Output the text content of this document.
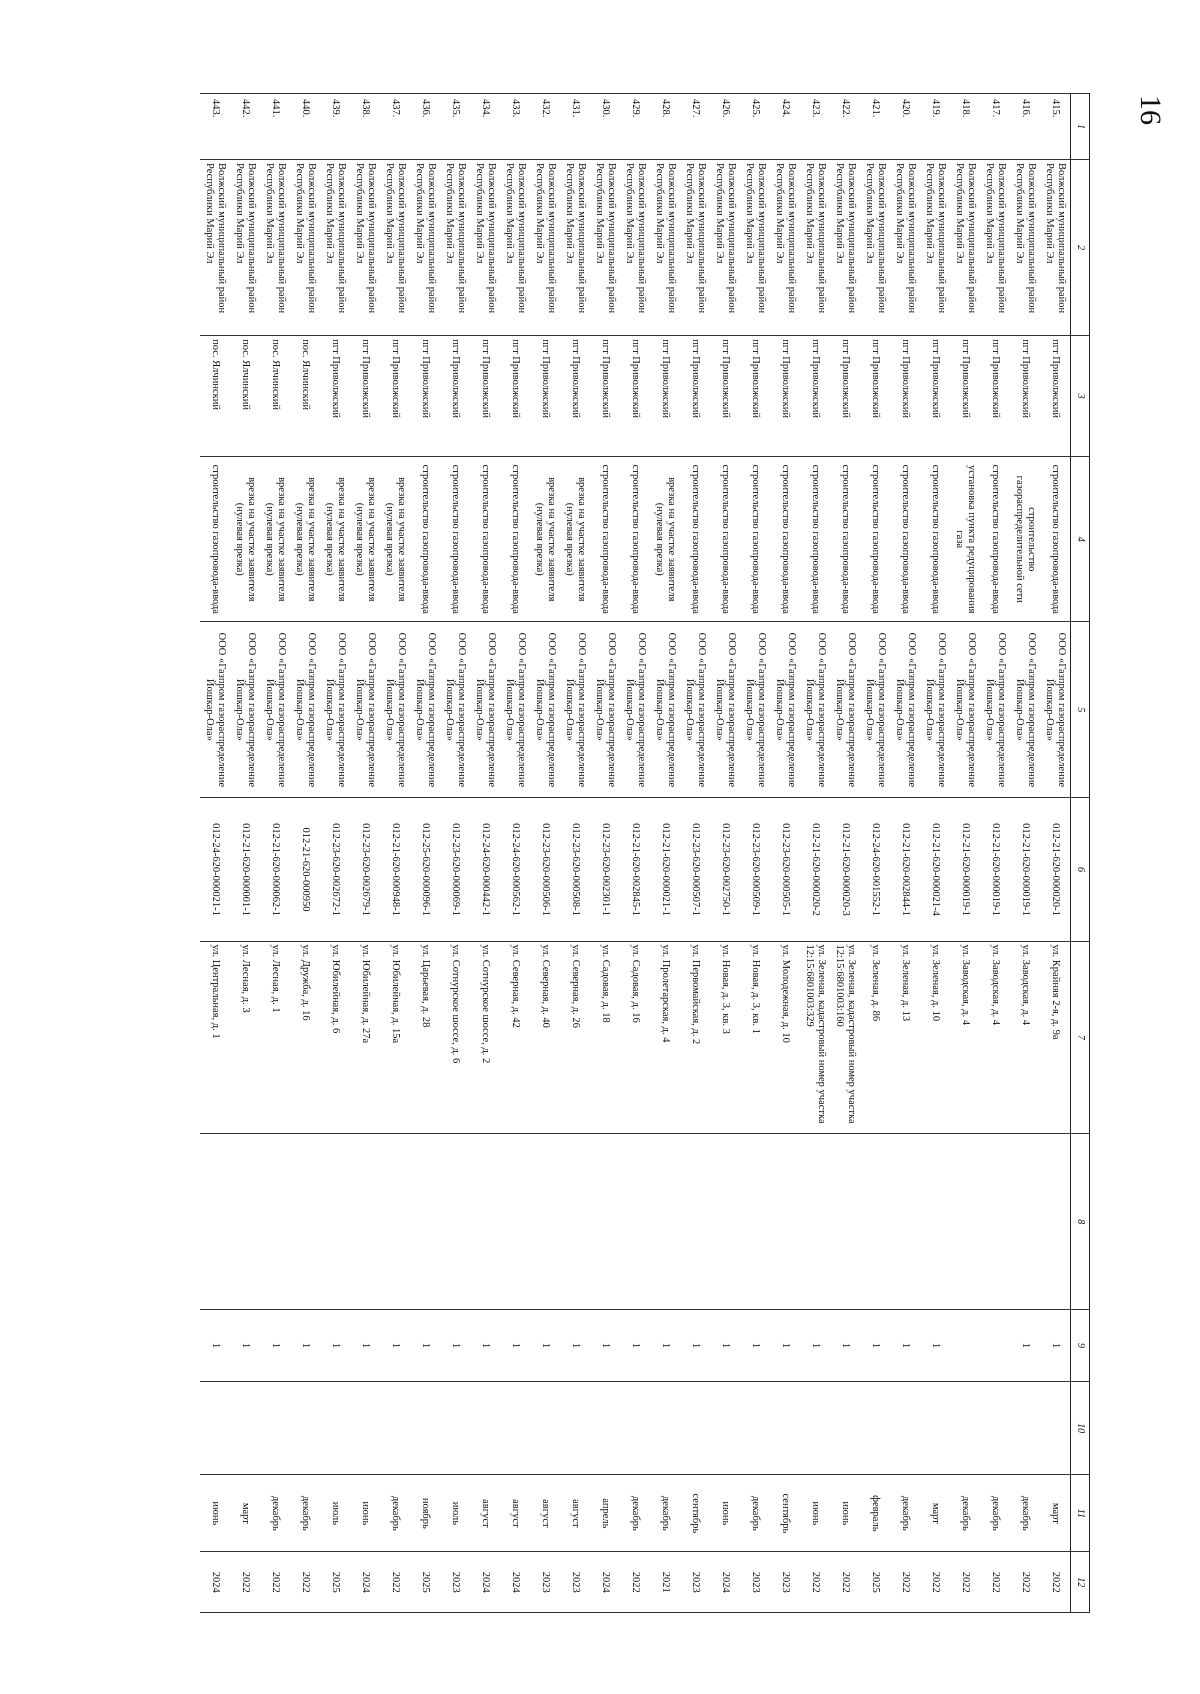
16
1	2	3	4	5	6	7	8	9	10	11	12
415.	Волжский муниципальный район Республики Марий Эл	пгт Приволжский	строительство газопровода-ввода	ООО «Газпром газораспределение Йошкар-Ола»	012-21-620-000020-1	ул. Крайняя 2-я, д. 9а		1		март	2022
416.	Волжский муниципальный район Республики Марий Эл	пгт Приволжский	строительство газораспределительной сети	ООО «Газпром газораспределение Йошкар-Ола»	012-21-620-000019-1	ул. Заводская, д. 4		1		декабрь	2022
417.	Волжский муниципальный район Республики Марий Эл	пгт Приволжский	строительство газопровода-ввода	ООО «Газпром газораспределение Йошкар-Ола»	012-21-620-000019-1	ул. Заводская, д. 4				декабрь	2022
418.	Волжский муниципальный район Республики Марий Эл	пгт Приволжский	установка пункта редуцирования газа	ООО «Газпром газораспределение Йошкар-Ола»	012-21-620-000019-1	ул. Заводская, д. 4				декабрь	2022
419.	Волжский муниципальный район Республики Марий Эл	пгт Приволжский	строительство газопровода-ввода	ООО «Газпром газораспределение Йошкар-Ола»	012-21-620-000021-4	ул. Зеленая, д. 10		1		март	2022
420.	Волжский муниципальный район Республики Марий Эл	пгт Приволжский	строительство газопровода-ввода	ООО «Газпром газораспределение Йошкар-Ола»	012-21-620-002844-1	ул. Зеленая, д. 13		1		декабрь	2022
421.	Волжский муниципальный район Республики Марий Эл	пгт Приволжский	строительство газопровода-ввода	ООО «Газпром газораспределение Йошкар-Ола»	012-24-620-001552-1	ул. Зеленая, д. 86		1		февраль	2025
422.	Волжский муниципальный район Республики Марий Эл	пгт Приволжский	строительство газопровода-ввода	ООО «Газпром газораспределение Йошкар-Ола»	012-21-620-000020-3	ул. Зеленая, кадастровый номер участка 12:15:6801003:160		1		июнь	2022
423.	Волжский муниципальный район Республики Марий Эл	пгт Приволжский	строительство газопровода-ввода	ООО «Газпром газораспределение Йошкар-Ола»	012-21-620-000020-2	ул. Зеленая, кадастровый номер участка 12:15:6801003:329		1		июнь	2022
424.	Волжский муниципальный район Республики Марий Эл	пгт Приволжский	строительство газопровода-ввода	ООО «Газпром газораспределение Йошкар-Ола»	012-23-620-000505-1	ул. Молодежная, д. 10		1		сентябрь	2023
425.	Волжский муниципальный район Республики Марий Эл	пгт Приволжский	строительство газопровода-ввода	ООО «Газпром газораспределение Йошкар-Ола»	012-23-620-000509-1	ул. Новая, д. 3, кв. 1		1		декабрь	2023
426.	Волжский муниципальный район Республики Марий Эл	пгт Приволжский	строительство газопровода-ввода	ООО «Газпром газораспределение Йошкар-Ола»	012-23-620-002750-1	ул. Новая, д. 3, кв. 3		1		июнь	2024
427.	Волжский муниципальный район Республики Марий Эл	пгт Приволжский	строительство газопровода-ввода	ООО «Газпром газораспределение Йошкар-Ола»	012-23-620-000507-1	ул. Первомайская, д. 2		1		сентябрь	2023
428.	Волжский муниципальный район Республики Марий Эл	пгт Приволжский	врезка на участке заявителя (нулевая врезка)	ООО «Газпром газораспределение Йошкар-Ола»	012-21-620-000021-1	ул. Пролетарская, д. 4		1		декабрь	2021
429.	Волжский муниципальный район Республики Марий Эл	пгт Приволжский	строительство газопровода-ввода	ООО «Газпром газораспределение Йошкар-Ола»	012-21-620-002845-1	ул. Садовая, д. 16		1		декабрь	2022
430.	Волжский муниципальный район Республики Марий Эл	пгт Приволжский	строительство газопровода-ввода	ООО «Газпром газораспределение Йошкар-Ола»	012-23-620-002301-1	ул. Садовая, д. 18		1		апрель	2024
431.	Волжский муниципальный район Республики Марий Эл	пгт Приволжский	врезка на участке заявителя (нулевая врезка)	ООО «Газпром газораспределение Йошкар-Ола»	012-23-620-000508-1	ул. Северная, д. 26		1		август	2023
432.	Волжский муниципальный район Республики Марий Эл	пгт Приволжский	врезка на участке заявителя (нулевая врезка)	ООО «Газпром газораспределение Йошкар-Ола»	012-23-620-000506-1	ул. Северная, д. 40		1		август	2023
433.	Волжский муниципальный район Республики Марий Эл	пгт Приволжский	строительство газопровода-ввода	ООО «Газпром газораспределение Йошкар-Ола»	012-24-620-000562-1	ул. Северная, д. 42		1		август	2024
434.	Волжский муниципальный район Республики Марий Эл	пгт Приволжский	строительство газопровода-ввода	ООО «Газпром газораспределение Йошкар-Ола»	012-24-620-000442-1	ул. Сотнурское шоссе, д. 2		1		август	2024
435.	Волжский муниципальный район Республики Марий Эл	пгт Приволжский	строительство газопровода-ввода	ООО «Газпром газораспределение Йошкар-Ола»	012-23-620-000069-1	ул. Сотнурское шоссе, д. 6		1		июль	2023
436.	Волжский муниципальный район Республики Марий Эл	пгт Приволжский	строительство газопровода-ввода	ООО «Газпром газораспределение Йошкар-Ола»	012-25-620-000096-1	ул. Царьевая, д. 28		1		ноябрь	2025
437.	Волжский муниципальный район Республики Марий Эл	пгт Приволжский	врезка на участке заявителя (нулевая врезка)	ООО «Газпром газораспределение Йошкар-Ола»	012-21-620-000948-1	ул. Юбилейная, д. 15а		1		декабрь	2022
438.	Волжский муниципальный район Республики Марий Эл	пгт Приволжский	врезка на участке заявителя (нулевая врезка)	ООО «Газпром газораспределение Йошкар-Ола»	012-23-620-002679-1	ул. Юбилейная, д. 27а		1		июнь	2024
439.	Волжский муниципальный район Республики Марий Эл	пгт Приволжский	врезка на участке заявителя (нулевая врезка)	ООО «Газпром газораспределение Йошкар-Ола»	012-23-620-002672-1	ул. Юбилейная, д. 6		1		июль	2025
440.	Волжский муниципальный район Республики Марий Эл	пос. Ялчинский	врезка на участке заявителя (нулевая врезка)	ООО «Газпром газораспределение Йошкар-Ола»	012-21-620-000950	ул. Дружба, д. 16		1		декабрь	2022
441.	Волжский муниципальный район Республики Марий Эл	пос. Ялчинский	врезка на участке заявителя (нулевая врезка)	ООО «Газпром газораспределение Йошкар-Ола»	012-21-620-000062-1	ул. Лесная, д. 1		1		декабрь	2022
442.	Волжский муниципальный район Республики Марий Эл	пос. Ялчинский	врезка на участке заявителя (нулевая врезка)	ООО «Газпром газораспределение Йошкар-Ола»	012-21-620-000001-1	ул. Лесная, д. 3		1		март	2022
443.	Волжский муниципальный район Республики Марий Эл	пос. Ялчинский	строительство газопровода-ввода	ООО «Газпром газораспределение Йошкар-Ола»	012-24-620-000021-1	ул. Центральная, д. 1		1		июнь	2024
